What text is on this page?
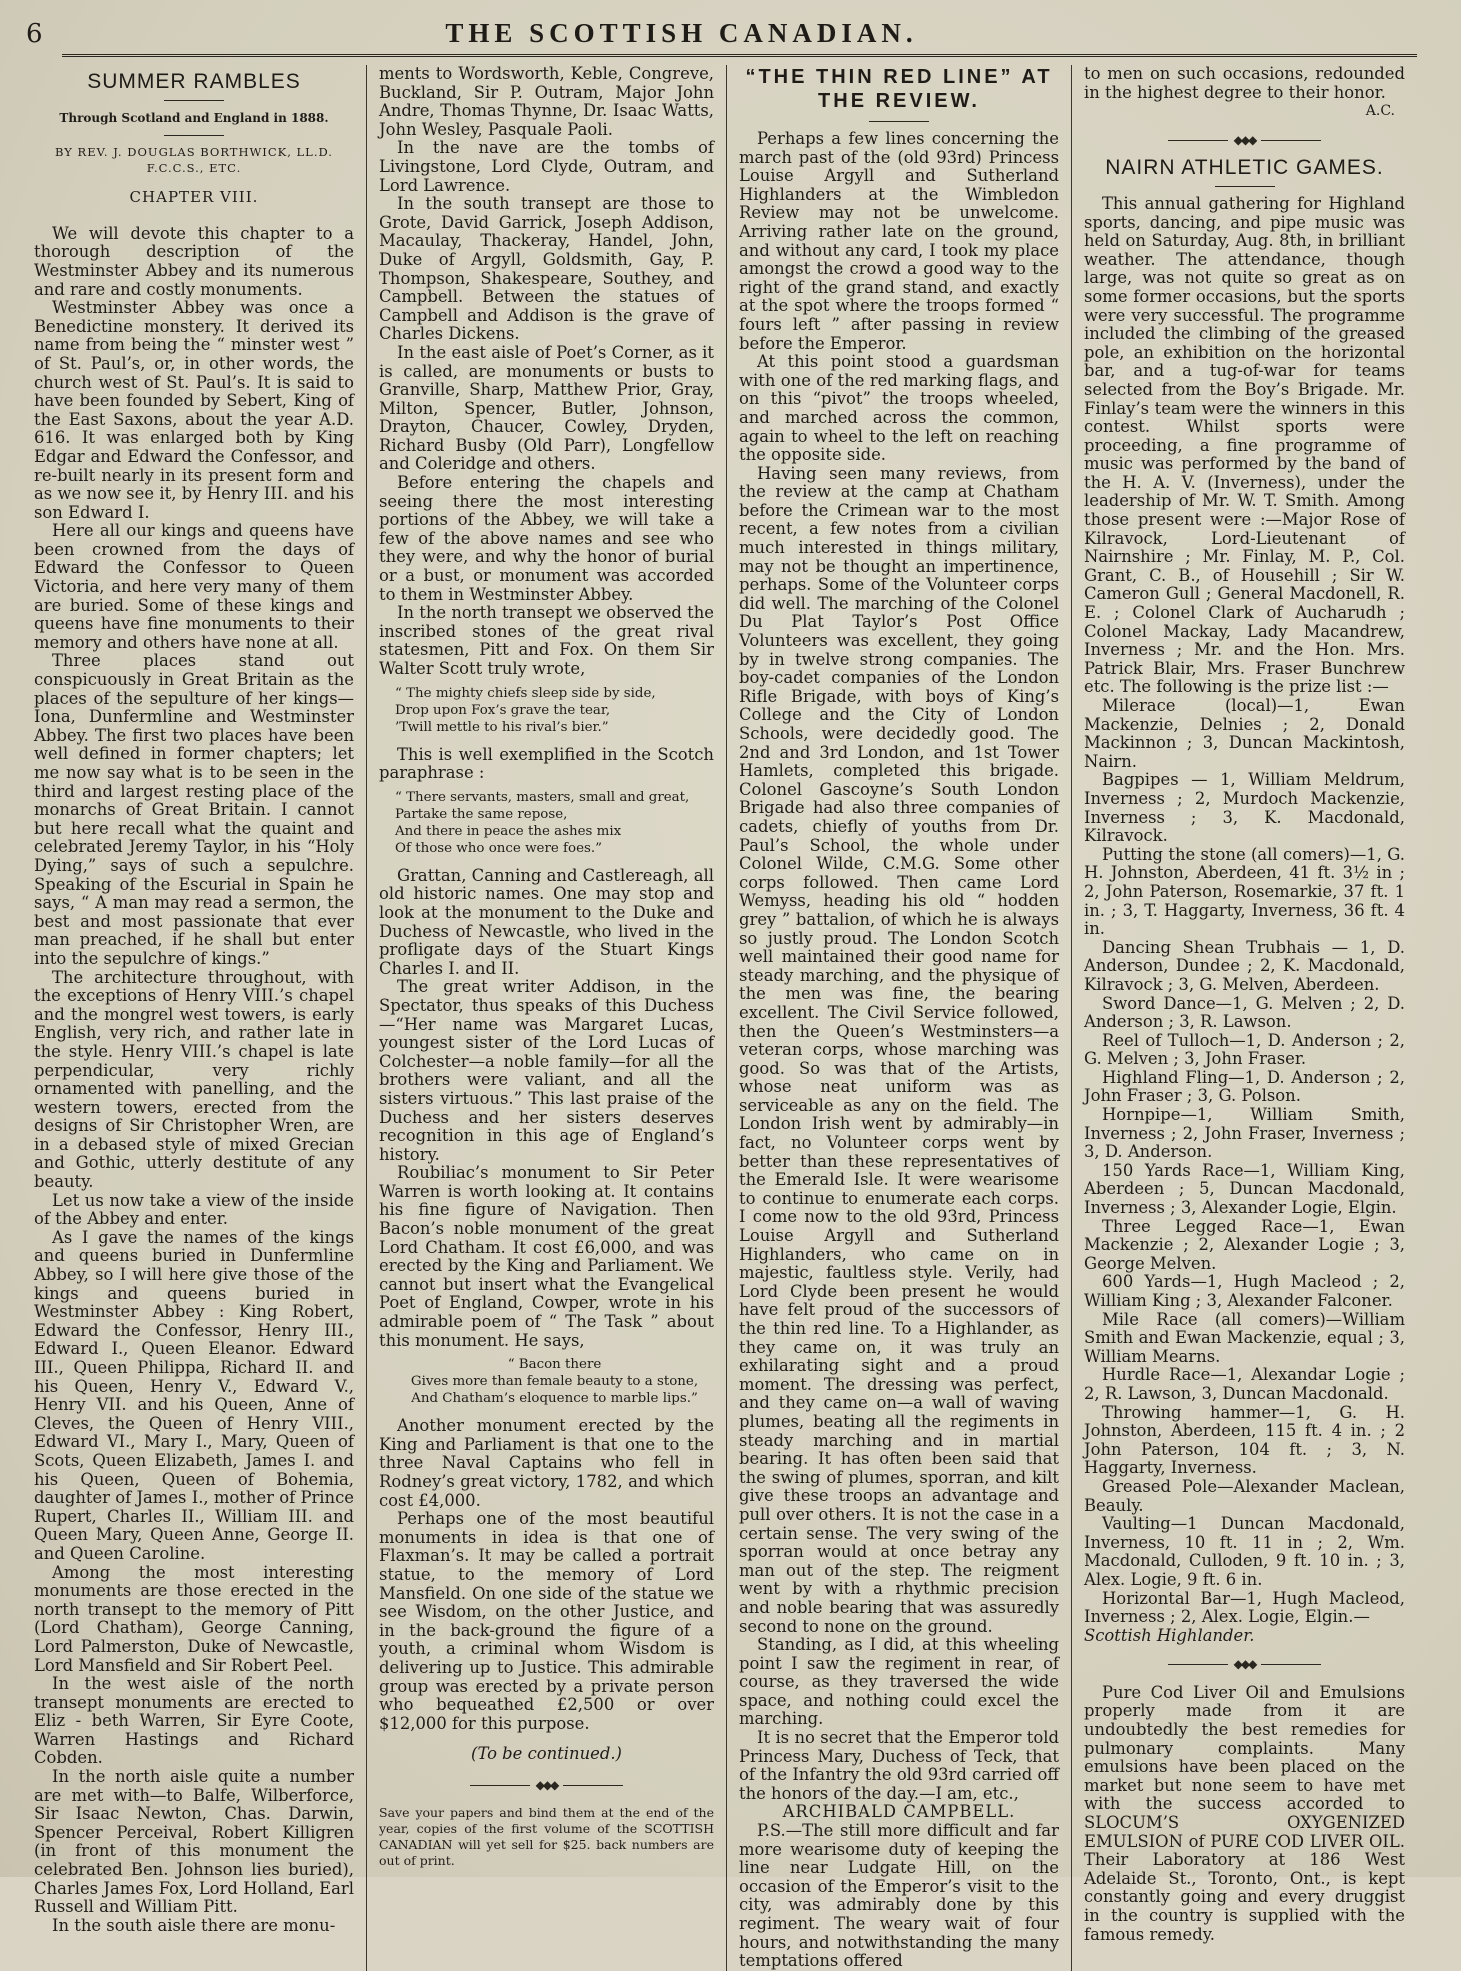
6	THE SCOTTISH CANADIAN.
SUMMER RAMBLES
Through Scotland and England in 1888.
BY REV. J. DOUGLAS BORTHWICK, LL.D.
F.C.C.S., ETC.
CHAPTER VIII.

We will devote this chapter to a thorough description of the Westminster Abbey and its numerous and rare and costly monuments.

Westminster Abbey was once a Benedictine monstery. It derived its name from being the “ minster west ” of St. Paul’s, or, in other words, the church west of St. Paul’s. It is said to have been founded by Sebert, King of the East Saxons, about the year A.D. 616. It was enlarged both by King Edgar and Edward the Confessor, and re-built nearly in its present form and as we now see it, by Henry III. and his son Edward I.

Here all our kings and queens have been crowned from the days of Edward the Confessor to Queen Victoria, and here very many of them are buried. Some of these kings and queens have fine monuments to their memory and others have none at all.

Three places stand out conspicuously in Great Britain as the places of the sepulture of her kings—Iona, Dunfermline and Westminster Abbey. The first two places have been well defined in former chapters; let me now say what is to be seen in the third and largest resting place of the monarchs of Great Britain. I cannot but here recall what the quaint and celebrated Jeremy Taylor, in his “Holy Dying,” says of such a sepulchre. Speaking of the Escurial in Spain he says, “ A man may read a sermon, the best and most passionate that ever man preached, if he shall but enter into the sepulchre of kings.”

The architecture throughout, with the exceptions of Henry VIII.’s chapel and the mongrel west towers, is early English, very rich, and rather late in the style. Henry VIII.’s chapel is late perpendicular, very richly ornamented with panelling, and the western towers, erected from the designs of Sir Christopher Wren, are in a debased style of mixed Grecian and Gothic, utterly destitute of any beauty.

Let us now take a view of the inside of the Abbey and enter.

As I gave the names of the kings and queens buried in Dunfermline Abbey, so I will here give those of the kings and queens buried in Westminster Abbey : King Robert, Edward the Confessor, Henry III., Edward I., Queen Eleanor. Edward III., Queen Philippa, Richard II. and his Queen, Henry V., Edward V., Henry VII. and his Queen, Anne of Cleves, the Queen of Henry VIII., Edward VI., Mary I., Mary, Queen of Scots, Queen Elizabeth, James I. and his Queen, Queen of Bohemia, daughter of James I., mother of Prince Rupert, Charles II., William III. and Queen Mary, Queen Anne, George II. and Queen Caroline.

Among the most interesting monuments are those erected in the north transept to the memory of Pitt (Lord Chatham), George Canning, Lord Palmerston, Duke of Newcastle, Lord Mansfield and Sir Robert Peel.

In the west aisle of the north transept monuments are erected to Eliz - beth Warren, Sir Eyre Coote, Warren Hastings and Richard Cobden.

In the north aisle quite a number are met with—to Balfe, Wilberforce, Sir Isaac Newton, Chas. Darwin, Spencer Perceival, Robert Killigren (in front of this monument the celebrated Ben. Johnson lies buried), Charles James Fox, Lord Holland, Earl Russell and William Pitt.

In the south aisle there are monu-

ments to Wordsworth, Keble, Congreve, Buckland, Sir P. Outram, Major John Andre, Thomas Thynne, Dr. Isaac Watts, John Wesley, Pasquale Paoli.

In the nave are the tombs of Livingstone, Lord Clyde, Outram, and Lord Lawrence.

In the south transept are those to Grote, David Garrick, Joseph Addison, Macaulay, Thackeray, Handel, John, Duke of Argyll, Goldsmith, Gay, P. Thompson, Shakespeare, Southey, and Campbell. Between the statues of Campbell and Addison is the grave of Charles Dickens.

In the east aisle of Poet’s Corner, as it is called, are monuments or busts to Granville, Sharp, Matthew Prior, Gray, Milton, Spencer, Butler, Johnson, Drayton, Chaucer, Cowley, Dryden, Richard Busby (Old Parr), Longfellow and Coleridge and others.

Before entering the chapels and seeing there the most interesting portions of the Abbey, we will take a few of the above names and see who they were, and why the honor of burial or a bust, or monument was accorded to them in Westminster Abbey.

In the north transept we observed the inscribed stones of the great rival statesmen, Pitt and Fox. On them Sir Walter Scott truly wrote,

“ The mighty chiefs sleep side by side,
Drop upon Fox’s grave the tear,
’Twill mettle to his rival’s bier.”

This is well exemplified in the Scotch paraphrase :

“ There servants, masters, small and great,
Partake the same repose,
And there in peace the ashes mix
Of those who once were foes.”

Grattan, Canning and Castlereagh, all old historic names. One may stop and look at the monument to the Duke and Duchess of Newcastle, who lived in the profligate days of the Stuart Kings Charles I. and II.

The great writer Addison, in the Spectator, thus speaks of this Duchess—“Her name was Margaret Lucas, youngest sister of the Lord Lucas of Colchester—a noble family—for all the brothers were valiant, and all the sisters virtuous.” This last praise of the Duchess and her sisters deserves recognition in this age of England’s history.

Roubiliac’s monument to Sir Peter Warren is worth looking at. It contains his fine figure of Navigation. Then Bacon’s noble monument of the great Lord Chatham. It cost £6,000, and was erected by the King and Parliament. We cannot but insert what the Evangelical Poet of England, Cowper, wrote in his admirable poem of “ The Task ” about this monument. He says,

“ Bacon there
Gives more than female beauty to a stone,
And Chatham’s eloquence to marble lips.”

Another monument erected by the King and Parliament is that one to the three Naval Captains who fell in Rodney’s great victory, 1782, and which cost £4,000.

Perhaps one of the most beautiful monuments in idea is that one of Flaxman’s. It may be called a portrait statue, to the memory of Lord Mansfield. On one side of the statue we see Wisdom, on the other Justice, and in the back-ground the figure of a youth, a criminal whom Wisdom is delivering up to Justice. This admirable group was erected by a private person who bequeathed £2,500 or over $12,000 for this purpose.

(To be continued.)
◆◆◆

Save your papers and bind them at the end of the year, copies of the first volume of the SCOTTISH CANADIAN will yet sell for $25. back numbers are out of print.

“THE THIN RED LINE” AT THE REVIEW.

Perhaps a few lines concerning the march past of the (old 93rd) Princess Louise Argyll and Sutherland Highlanders at the Wimbledon Review may not be unwelcome. Arriving rather late on the ground, and without any card, I took my place amongst the crowd a good way to the right of the grand stand, and exactly at the spot where the troops formed “ fours left ” after passing in review before the Emperor.

At this point stood a guardsman with one of the red marking flags, and on this “pivot” the troops wheeled, and marched across the common, again to wheel to the left on reaching the opposite side.

Having seen many reviews, from the review at the camp at Chatham before the Crimean war to the most recent, a few notes from a civilian much interested in things military, may not be thought an impertinence, perhaps. Some of the Volunteer corps did well. The marching of the Colonel Du Plat Taylor’s Post Office Volunteers was excellent, they going by in twelve strong companies. The boy-cadet companies of the London Rifle Brigade, with boys of King’s College and the City of London Schools, were decidedly good. The 2nd and 3rd London, and 1st Tower Hamlets, completed this brigade. Colonel Gascoyne’s South London Brigade had also three companies of cadets, chiefly of youths from Dr. Paul’s School, the whole under Colonel Wilde, C.M.G. Some other corps followed. Then came Lord Wemyss, heading his old “ hodden grey ” battalion, of which he is always so justly proud. The London Scotch well maintained their good name for steady marching, and the physique of the men was fine, the bearing excellent. The Civil Service followed, then the Queen’s Westminsters—a veteran corps, whose marching was good. So was that of the Artists, whose neat uniform was as serviceable as any on the field. The London Irish went by admirably—in fact, no Volunteer corps went by better than these representatives of the Emerald Isle. It were wearisome to continue to enumerate each corps. I come now to the old 93rd, Princess Louise Argyll and Sutherland Highlanders, who came on in majestic, faultless style. Verily, had Lord Clyde been present he would have felt proud of the successors of the thin red line. To a Highlander, as they came on, it was truly an exhilarating sight and a proud moment. The dressing was perfect, and they came on—a wall of waving plumes, beating all the regiments in steady marching and in martial bearing. It has often been said that the swing of plumes, sporran, and kilt give these troops an advantage and pull over others. It is not the case in a certain sense. The very swing of the sporran would at once betray any man out of the step. The reigment went by with a rhythmic precision and noble bearing that was assuredly second to none on the ground.

Standing, as I did, at this wheeling point I saw the regiment in rear, of course, as they traversed the wide space, and nothing could excel the marching.

It is no secret that the Emperor told Princess Mary, Duchess of Teck, that of the Infantry the old 93rd carried off the honors of the day.—I am, etc.,

ARCHIBALD CAMPBELL.

P.S.—The still more difficult and far more wearisome duty of keeping the line near Ludgate Hill, on the occasion of the Emperor’s visit to the city, was admirably done by this regiment. The weary wait of four hours, and notwithstanding the many temptations offered

to men on such occasions, redounded in the highest degree to their honor.

A.C.

◆◆◆
NAIRN ATHLETIC GAMES.

This annual gathering for Highland sports, dancing, and pipe music was held on Saturday, Aug. 8th, in brilliant weather. The attendance, though large, was not quite so great as on some former occasions, but the sports were very successful. The programme included the climbing of the greased pole, an exhibition on the horizontal bar, and a tug-of-war for teams selected from the Boy’s Brigade. Mr. Finlay’s team were the winners in this contest. Whilst sports were proceeding, a fine programme of music was performed by the band of the H. A. V. (Inverness), under the leadership of Mr. W. T. Smith. Among those present were :—Major Rose of Kilravock, Lord-Lieutenant of Nairnshire ; Mr. Finlay, M. P., Col. Grant, C. B., of Househill ; Sir W. Cameron Gull ; General Macdonell, R. E. ; Colonel Clark of Aucharudh ; Colonel Mackay, Lady Macandrew, Inverness ; Mr. and the Hon. Mrs. Patrick Blair, Mrs. Fraser Bunchrew etc. The following is the prize list :—

Milerace (local)—1, Ewan Mackenzie, Delnies ; 2, Donald Mackinnon ; 3, Duncan Mackintosh, Nairn.

Bagpipes — 1, William Meldrum, Inverness ; 2, Murdoch Mackenzie, Inverness ; 3, K. Macdonald, Kilravock.

Putting the stone (all comers)—1, G. H. Johnston, Aberdeen, 41 ft. 3½ in ; 2, John Paterson, Rosemarkie, 37 ft. 1 in. ; 3, T. Haggarty, Inverness, 36 ft. 4 in.

Dancing Shean Trubhais — 1, D. Anderson, Dundee ; 2, K. Macdonald, Kilravock ; 3, G. Melven, Aberdeen.

Sword Dance—1, G. Melven ; 2, D. Anderson ; 3, R. Lawson.

Reel of Tulloch—1, D. Anderson ; 2, G. Melven ; 3, John Fraser.

Highland Fling—1, D. Anderson ; 2, John Fraser ; 3, G. Polson.

Hornpipe—1, William Smith, Inverness ; 2, John Fraser, Inverness ; 3, D. Anderson.

150 Yards Race—1, William King, Aberdeen ; 5, Duncan Macdonald, Inverness ; 3, Alexander Logie, Elgin.

Three Legged Race—1, Ewan Mackenzie ; 2, Alexander Logie ; 3, George Melven.

600 Yards—1, Hugh Macleod ; 2, William King ; 3, Alexander Falconer.

Mile Race (all comers)—William Smith and Ewan Mackenzie, equal ; 3, William Mearns.

Hurdle Race—1, Alexandar Logie ; 2, R. Lawson, 3, Duncan Macdonald.

Throwing hammer—1, G. H. Johnston, Aberdeen, 115 ft. 4 in. ; 2 John Paterson, 104 ft. ; 3, N. Haggarty, Inverness.

Greased Pole—Alexander Maclean, Beauly.

Vaulting—1 Duncan Macdonald, Inverness, 10 ft. 11 in ; 2, Wm. Macdonald, Culloden, 9 ft. 10 in. ; 3, Alex. Logie, 9 ft. 6 in.

Horizontal Bar—1, Hugh Macleod, Inverness ; 2, Alex. Logie, Elgin.—

Scottish Highlander.

◆◆◆

Pure Cod Liver Oil and Emulsions properly made from it are undoubtedly the best remedies for pulmonary complaints. Many emulsions have been placed on the market but none seem to have met with the success accorded to SLOCUM’S OXYGENIZED EMULSION of PURE COD LIVER OIL. Their Laboratory at 186 West Adelaide St., Toronto, Ont., is kept constantly going and every druggist in the country is supplied with the famous remedy.
